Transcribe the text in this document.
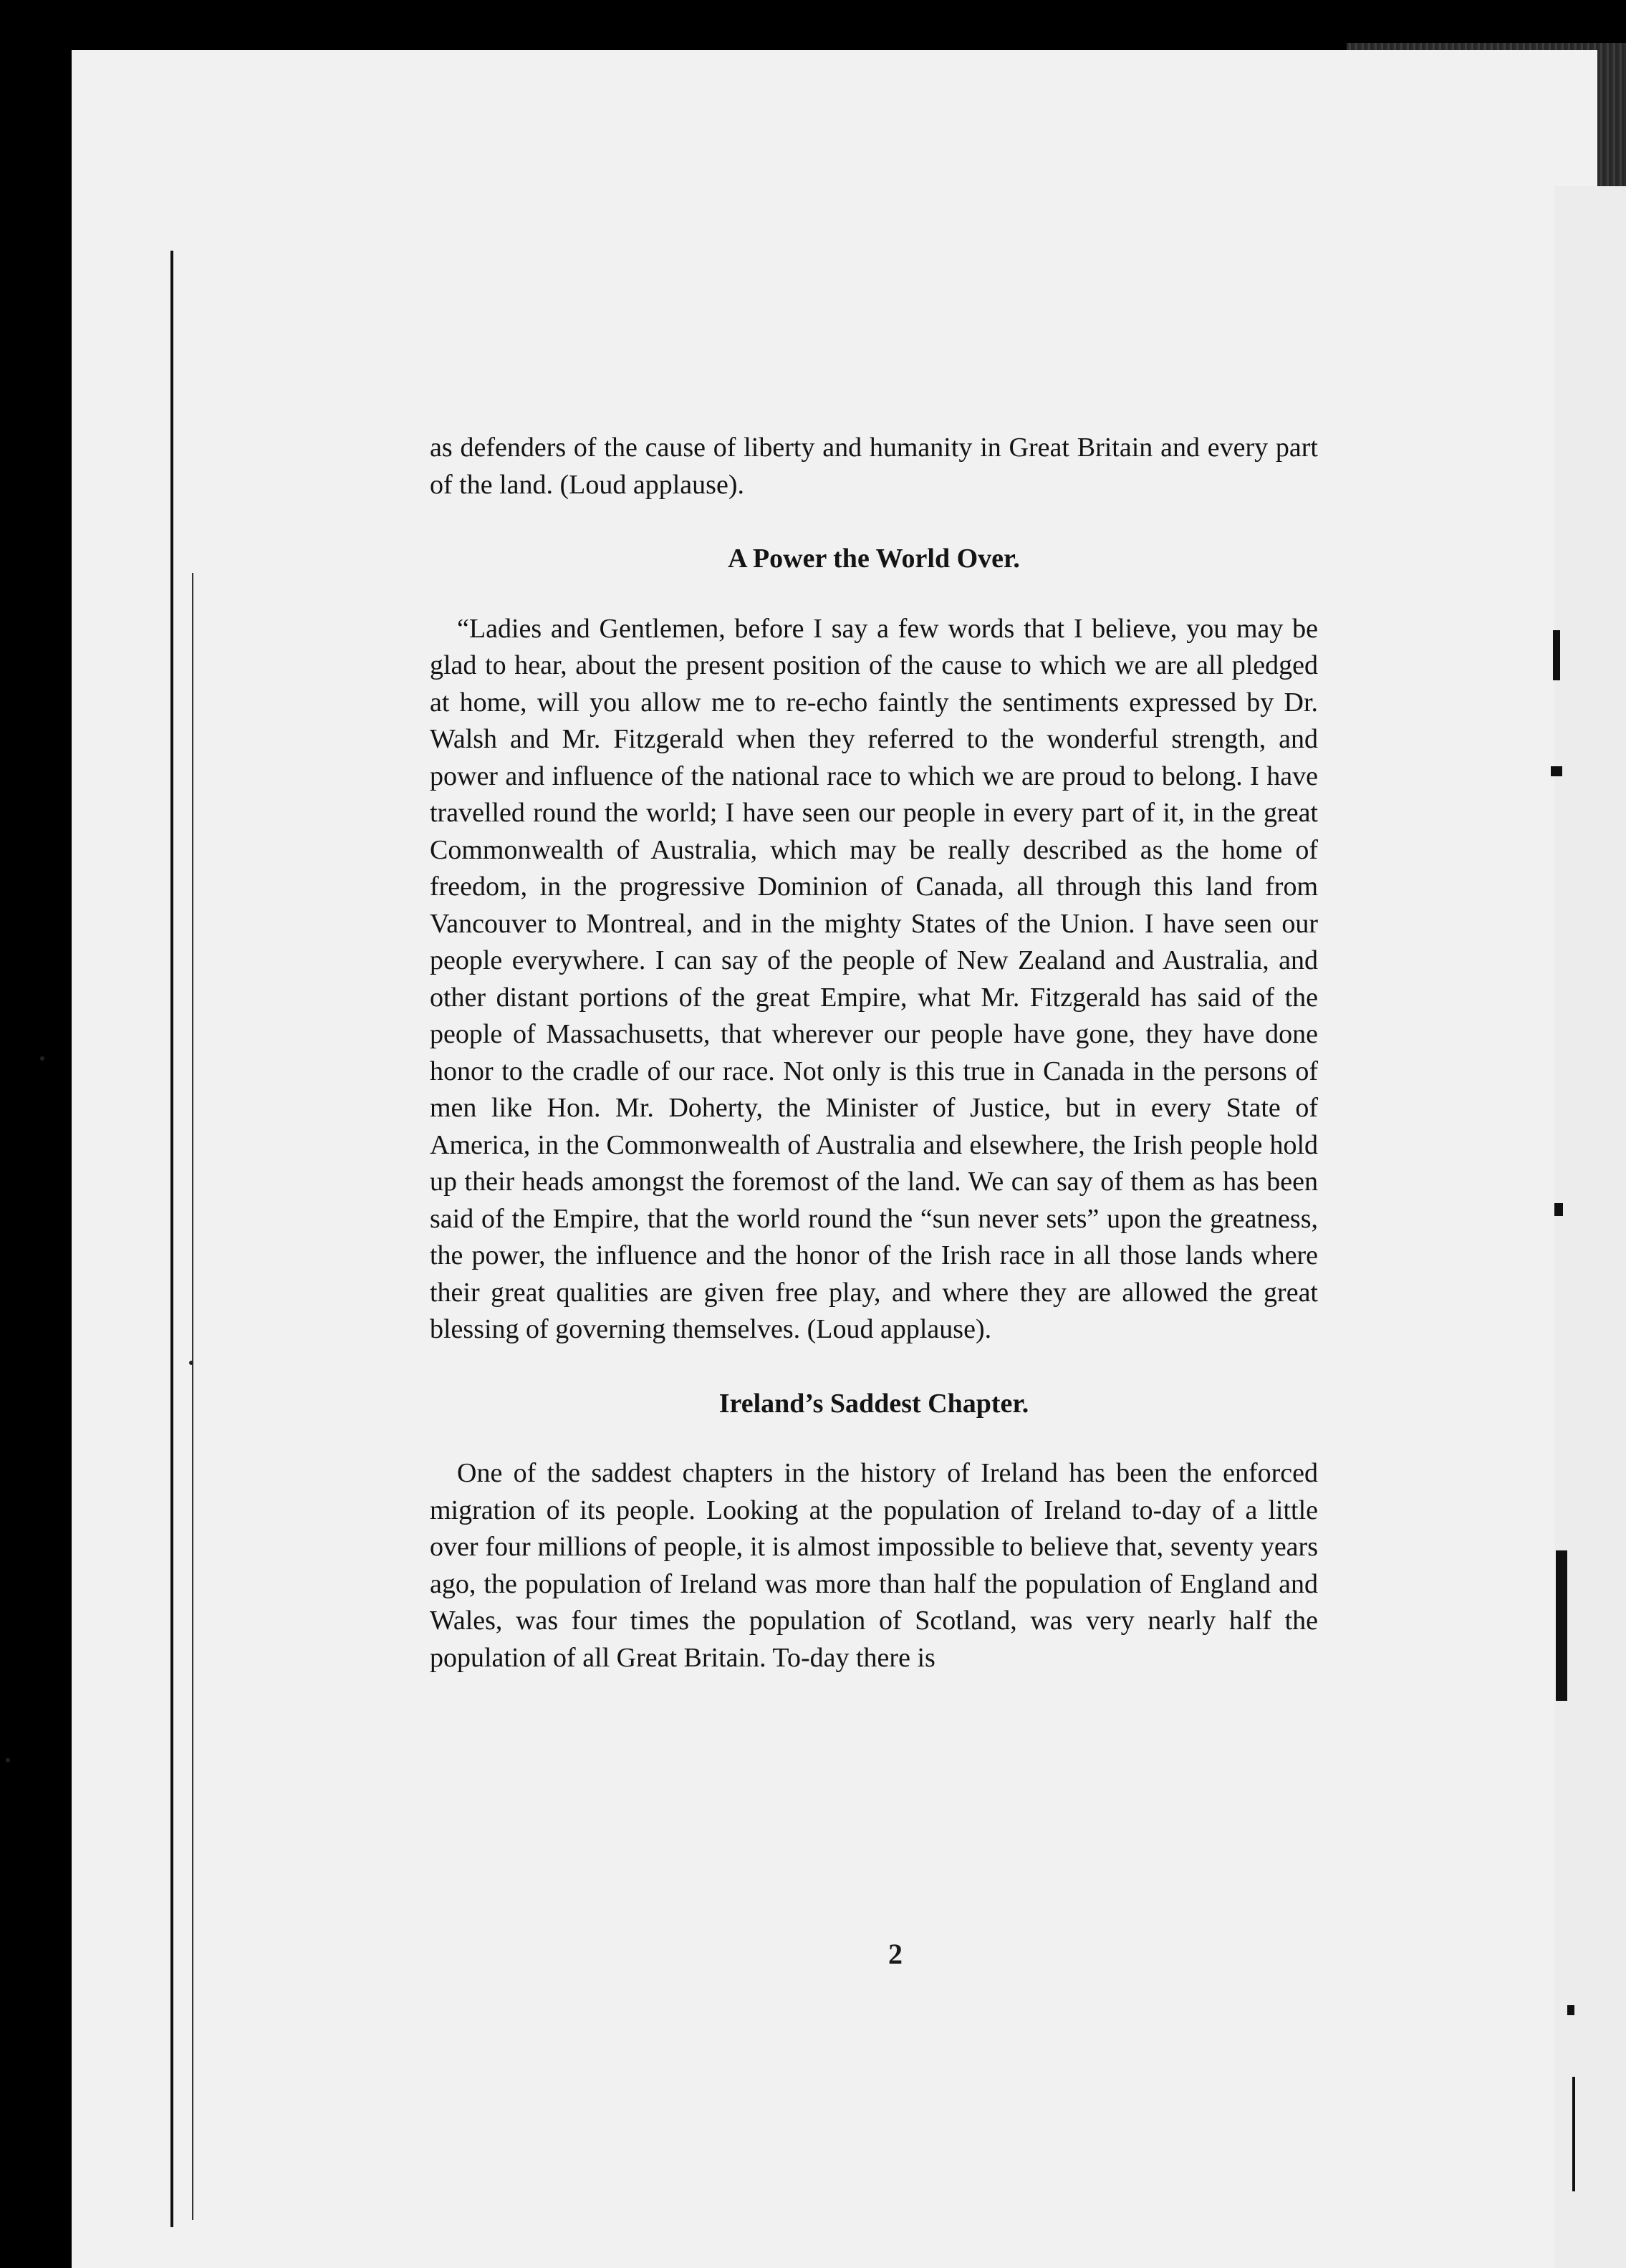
as defenders of the cause of liberty and humanity in Great Britain and every part of the land. (Loud applause).

A Power the World Over.

“Ladies and Gentlemen, before I say a few words that I believe, you may be glad to hear, about the present position of the cause to which we are all pledged at home, will you allow me to re-echo faintly the sentiments expressed by Dr. Walsh and Mr. Fitzgerald when they referred to the wonderful strength, and power and influence of the national race to which we are proud to belong. I have travelled round the world; I have seen our people in every part of it, in the great Commonwealth of Australia, which may be really described as the home of freedom, in the progressive Dominion of Canada, all through this land from Vancouver to Montreal, and in the mighty States of the Union. I have seen our people everywhere. I can say of the people of New Zealand and Australia, and other distant portions of the great Empire, what Mr. Fitzgerald has said of the people of Massachusetts, that wherever our people have gone, they have done honor to the cradle of our race. Not only is this true in Canada in the persons of men like Hon. Mr. Doherty, the Minister of Justice, but in every State of America, in the Commonwealth of Australia and elsewhere, the Irish people hold up their heads amongst the foremost of the land. We can say of them as has been said of the Empire, that the world round the “sun never sets” upon the greatness, the power, the influence and the honor of the Irish race in all those lands where their great qualities are given free play, and where they are allowed the great blessing of governing themselves. (Loud applause).

Ireland’s Saddest Chapter.

One of the saddest chapters in the history of Ireland has been the enforced migration of its people. Looking at the population of Ireland to-day of a little over four millions of people, it is almost impossible to believe that, seventy years ago, the population of Ireland was more than half the population of England and Wales, was four times the population of Scotland, was very nearly half the population of all Great Britain. To-day there is

2
